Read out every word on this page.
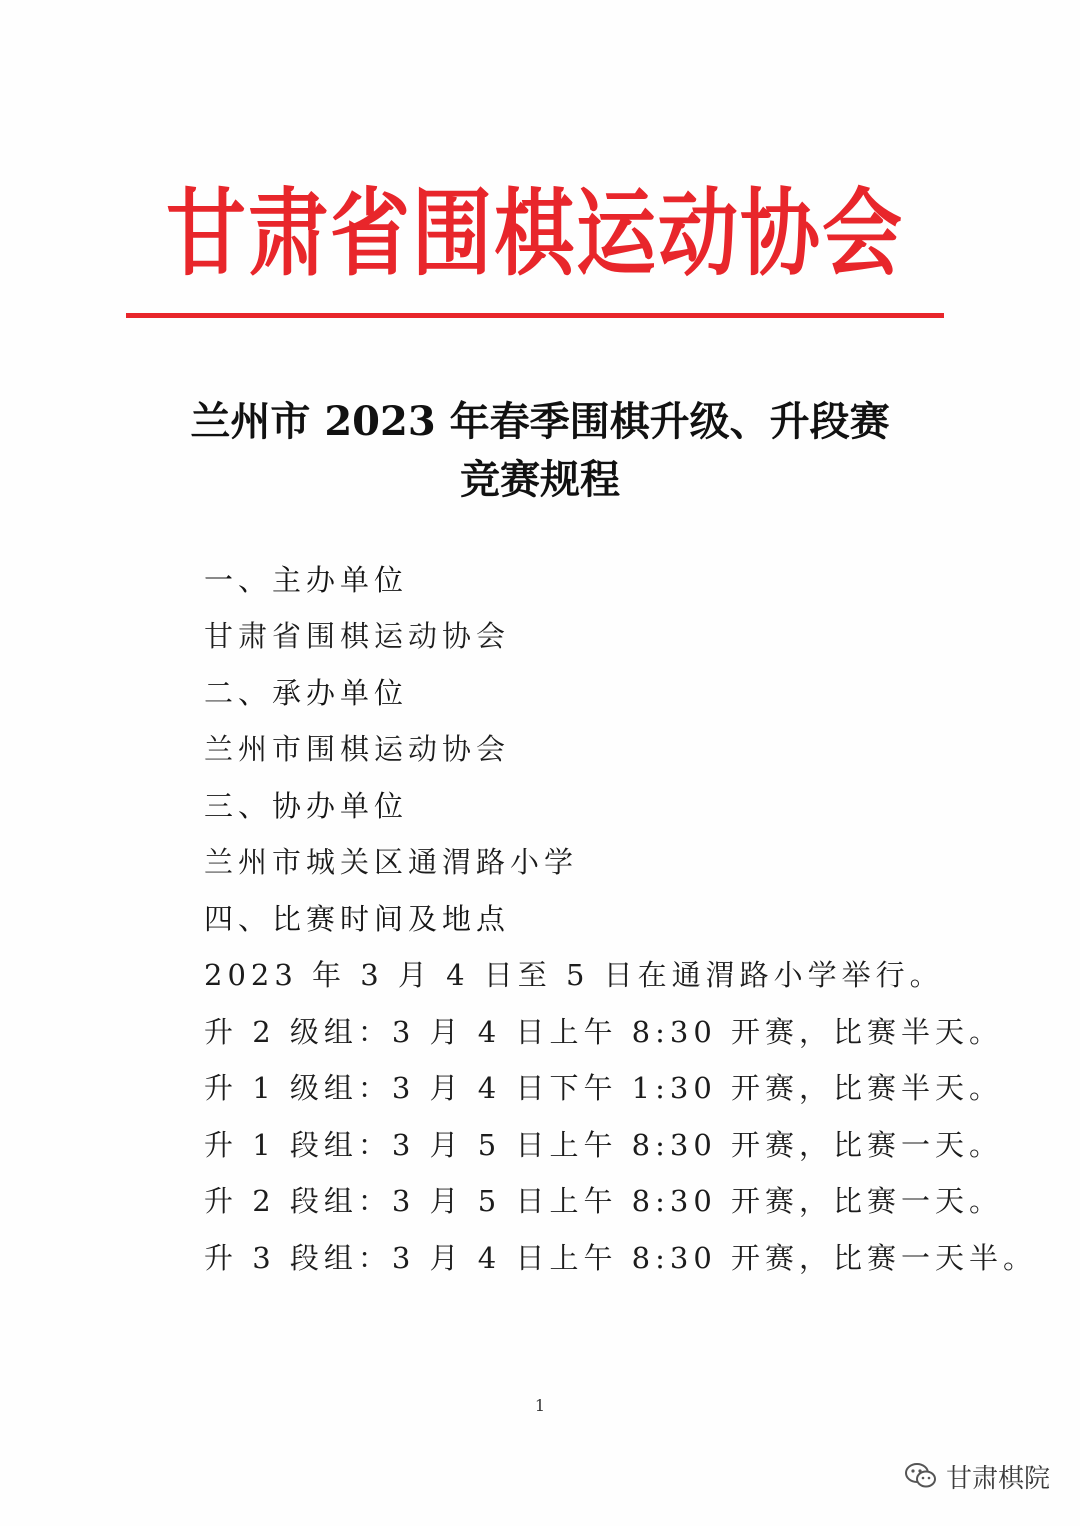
甘肃省围棋运动协会
兰州市 2023 年春季围棋升级、升段赛
竞赛规程
一、主办单位
甘肃省围棋运动协会
二、承办单位
兰州市围棋运动协会
三、协办单位
兰州市城关区通渭路小学
四、比赛时间及地点
2023 年 3 月 4 日至 5 日在通渭路小学举行。
升 2 级组：3 月 4 日上午 8:30 开赛，比赛半天。
升 1 级组：3 月 4 日下午 1:30 开赛，比赛半天。
升 1 段组：3 月 5 日上午 8:30 开赛，比赛一天。
升 2 段组：3 月 5 日上午 8:30 开赛，比赛一天。
升 3 段组：3 月 4 日上午 8:30 开赛，比赛一天半。
1
甘肃棋院
